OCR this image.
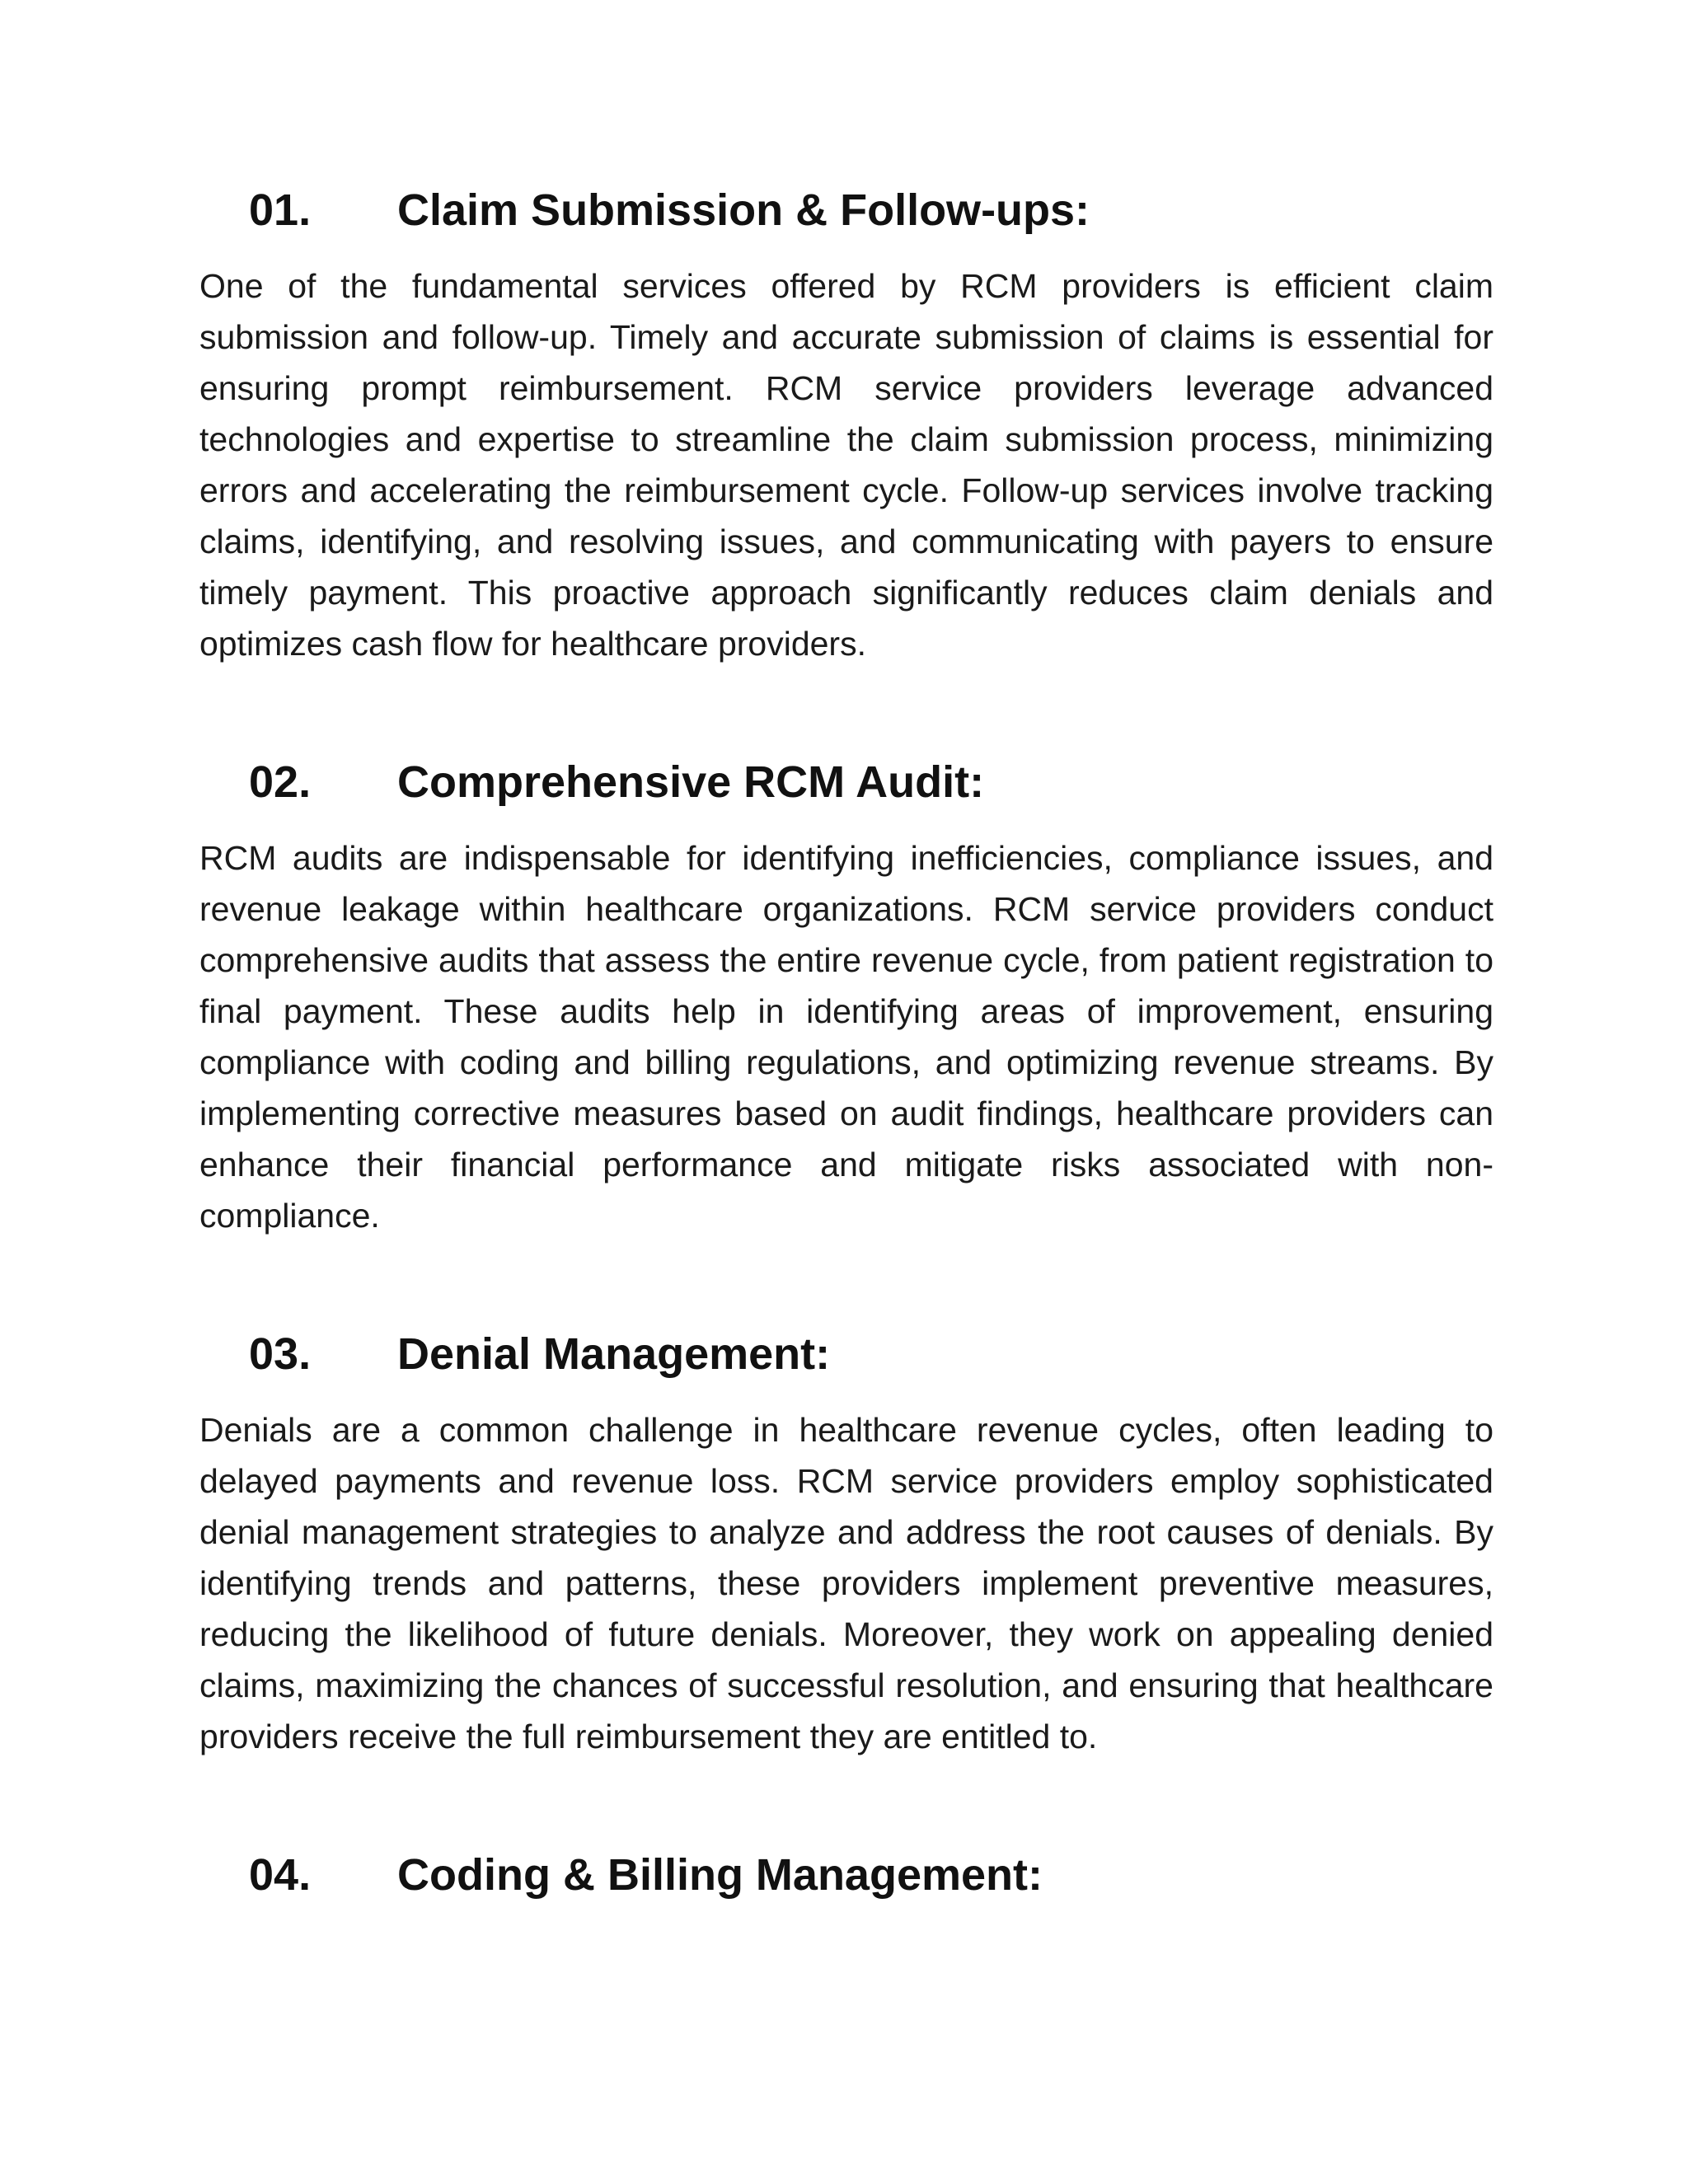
01.	Claim Submission & Follow-ups:

One of the fundamental services offered by RCM providers is efficient claim submission and follow-up. Timely and accurate submission of claims is essential for ensuring prompt reimbursement. RCM service providers leverage advanced technologies and expertise to streamline the claim submission process, minimizing errors and accelerating the reimbursement cycle. Follow-up services involve tracking claims, identifying, and resolving issues, and communicating with payers to ensure timely payment. This proactive approach significantly reduces claim denials and optimizes cash flow for healthcare providers.

02.	Comprehensive RCM Audit:

RCM audits are indispensable for identifying inefficiencies, compliance issues, and revenue leakage within healthcare organizations. RCM service providers conduct comprehensive audits that assess the entire revenue cycle, from patient registration to final payment. These audits help in identifying areas of improvement, ensuring compliance with coding and billing regulations, and optimizing revenue streams. By implementing corrective measures based on audit findings, healthcare providers can enhance their financial performance and mitigate risks associated with non-compliance.

03.	Denial Management:

Denials are a common challenge in healthcare revenue cycles, often leading to delayed payments and revenue loss. RCM service providers employ sophisticated denial management strategies to analyze and address the root causes of denials. By identifying trends and patterns, these providers implement preventive measures, reducing the likelihood of future denials. Moreover, they work on appealing denied claims, maximizing the chances of successful resolution, and ensuring that healthcare providers receive the full reimbursement they are entitled to.

04.	Coding & Billing Management:
